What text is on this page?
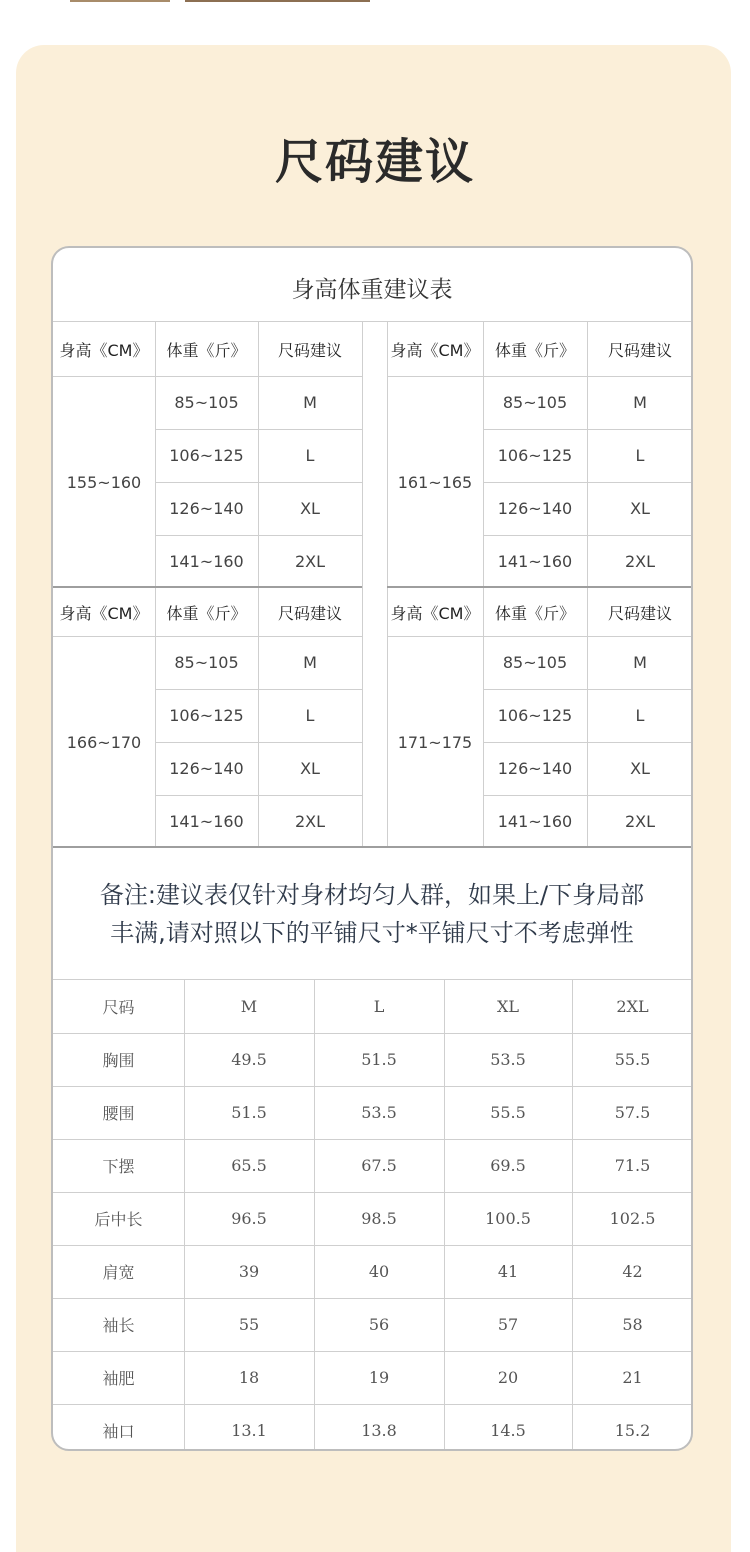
尺码建议
身高体重建议表
身高《CM》	体重《斤》	尺码建议
155~160
85~105	M
106~125	L
126~140	XL
141~160	2XL
身高《CM》 体重《斤》	尺码建议
161~165
85~105	M
106~125	L
126~140	XL
141~160	2XL
身高《CM》	体重《斤》	尺码建议
166~170
85~105	M
106~125	L
126~140	XL
141~160	2XL
身高《CM》 体重《斤》	尺码建议
171~175
85~105	M
106~125	L
126~140	XL
141~160	2XL
备注:建议表仅针对身材均匀人群，如果上/下身局部
丰满,请对照以下的平铺尺寸*平铺尺寸不考虑弹性
尺码	M	L	XL	2XL
胸围	49.5	51.5	53.5	55.5
腰围	51.5	53.5	55.5	57.5
下摆	65.5	67.5	69.5	71.5
后中长	96.5	98.5	100.5	102.5
肩宽	39	40	41	42
袖长	55	56	57	58
袖肥	18	19	20	21
袖口	13.1	13.8	14.5	15.2
